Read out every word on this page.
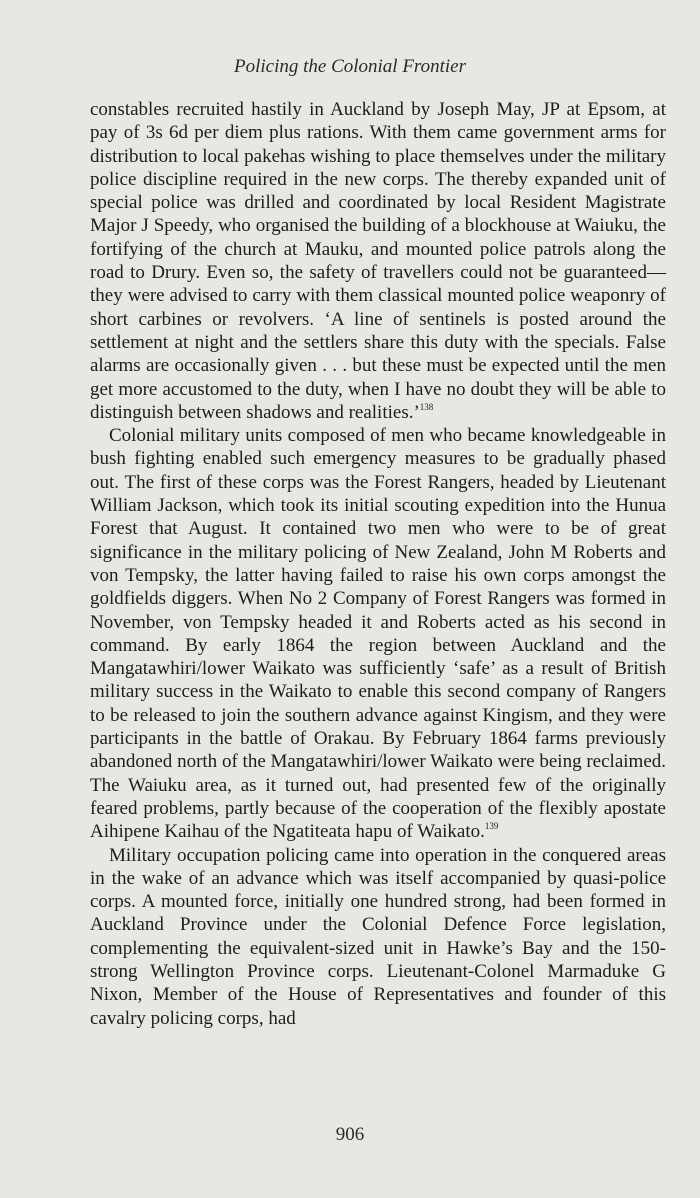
Policing the Colonial Frontier

constables recruited hastily in Auckland by Joseph May, JP at Epsom, at pay of 3s 6d per diem plus rations. With them came government arms for distribution to local pakehas wishing to place themselves under the military police discipline required in the new corps. The thereby expanded unit of special police was drilled and coordinated by local Resident Magistrate Major J Speedy, who organised the building of a blockhouse at Waiuku, the fortifying of the church at Mauku, and mounted police patrols along the road to Drury. Even so, the safety of travellers could not be guaranteed—they were advised to carry with them classical mounted police weaponry of short carbines or revolvers. ‘A line of sentinels is posted around the settlement at night and the settlers share this duty with the specials. False alarms are occasionally given . . . but these must be expected until the men get more accustomed to the duty, when I have no doubt they will be able to distinguish between shadows and realities.’$^{138}$

Colonial military units composed of men who became knowledgeable in bush fighting enabled such emergency measures to be gradually phased out. The first of these corps was the Forest Rangers, headed by Lieutenant William Jackson, which took its initial scouting expedition into the Hunua Forest that August. It contained two men who were to be of great significance in the military policing of New Zealand, John M Roberts and von Tempsky, the latter having failed to raise his own corps amongst the goldfields diggers. When No 2 Company of Forest Rangers was formed in November, von Tempsky headed it and Roberts acted as his second in command. By early 1864 the region between Auckland and the Mangatawhiri/lower Waikato was sufficiently ‘safe’ as a result of British military success in the Waikato to enable this second company of Rangers to be released to join the southern advance against Kingism, and they were participants in the battle of Orakau. By February 1864 farms previously abandoned north of the Mangatawhiri/lower Waikato were being reclaimed. The Waiuku area, as it turned out, had presented few of the originally feared problems, partly because of the cooperation of the flexibly apostate Aihipene Kaihau of the Ngatiteata hapu of Waikato.$^{139}$

Military occupation policing came into operation in the conquered areas in the wake of an advance which was itself accompanied by quasi-police corps. A mounted force, initially one hundred strong, had been formed in Auckland Province under the Colonial Defence Force legislation, complementing the equivalent-sized unit in Hawke’s Bay and the 150-strong Wellington Province corps. Lieutenant-Colonel Marmaduke G Nixon, Member of the House of Representatives and founder of this cavalry policing corps, had

906
